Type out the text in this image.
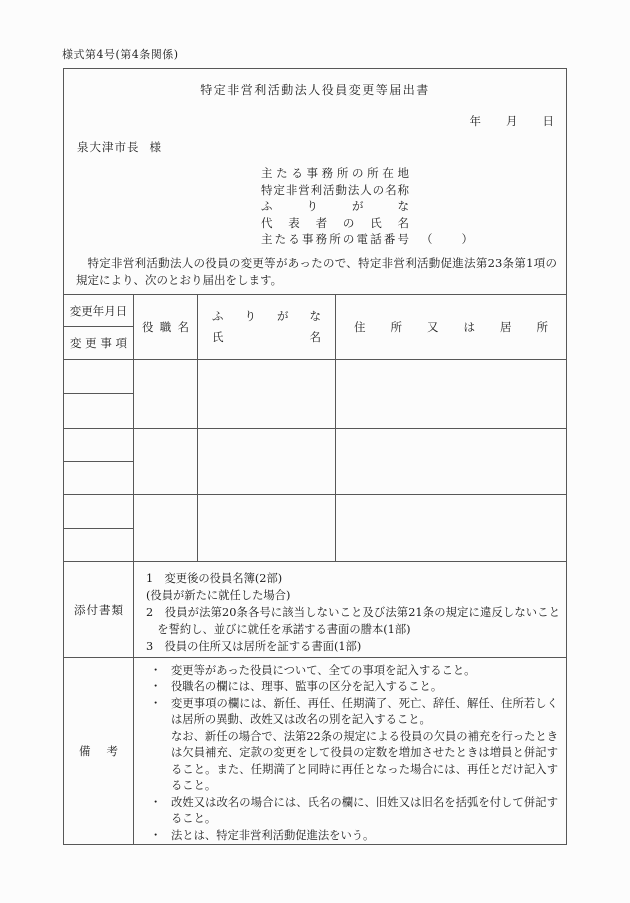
様式第4号(第4条関係)
特定非営利活動法人役員変更等届出書
年 月 日
泉大津市長 様
主たる事務所の所在地
特定非営利活動法人の名称
ふりがな
代表者の氏名
主たる事務所の電話番号 （　　）
特定非営利活動法人の役員の変更等があったので、特定非営利活動促進法第23条第1項の規定により、次のとおり届出をします。
変更年月日
変更事項
役職名
ふりがな
氏	名
住所又は居所
添付書類
1　変更後の役員名簿(2部)
(役員が新たに就任した場合)
2　役員が法第20条各号に該当しないこと及び法第21条の規定に違反しないことを誓約し、並びに就任を承諾する書面の謄本(1部)
3　役員の住所又は居所を証する書面(1部)
備 考
・ 変更等があった役員について、全ての事項を記入すること。
・ 役職名の欄には、理事、監事の区分を記入すること。
・ 変更事項の欄には、新任、再任、任期満了、死亡、辞任、解任、住所若しくは居所の異動、改姓又は改名の別を記入すること。
なお、新任の場合で、法第22条の規定による役員の欠員の補充を行ったときは欠員補充、定款の変更をして役員の定数を増加させたときは増員と併記すること。また、任期満了と同時に再任となった場合には、再任とだけ記入すること。
・ 改姓又は改名の場合には、氏名の欄に、旧姓又は旧名を括弧を付して併記すること。
・ 法とは、特定非営利活動促進法をいう。
